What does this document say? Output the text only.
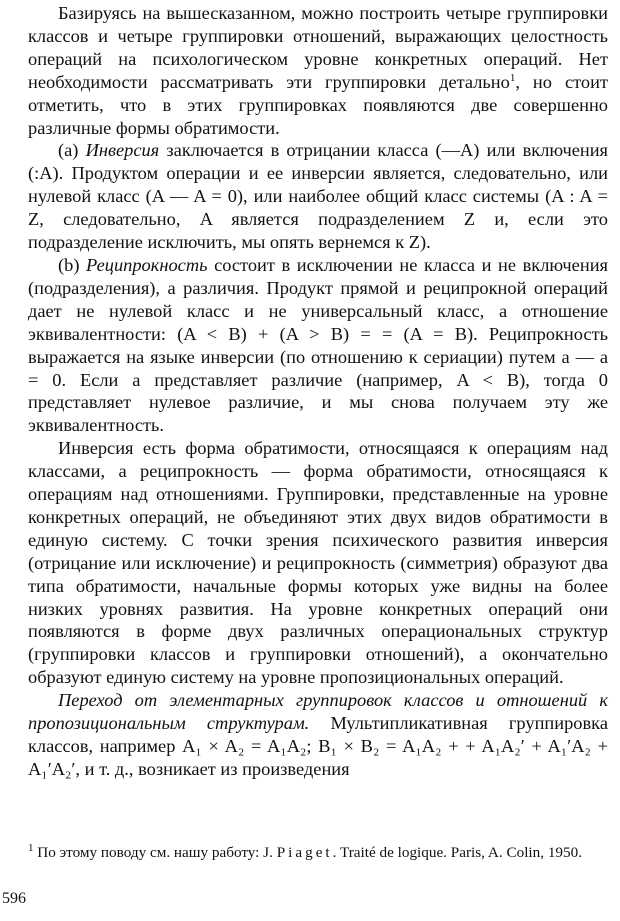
Базируясь на вышесказанном, можно построить четыре группировки классов и четыре группировки отношений, выражающих целостность операций на психологическом уровне конкретных операций. Нет необходимости рассматривать эти группировки детально$^1$, но стоит отметить, что в этих группировках появляются две совершенно различные формы обратимости.

(a) Инверсия заключается в отрицании класса (—A) или включения (:A). Продуктом операции и ее инверсии является, следовательно, или нулевой класс (A — A = 0), или наиболее общий класс системы (A : A = Z, следовательно, A является подразделением Z и, если это подразделение исключить, мы опять вернемся к Z).

(b) Реципрокность состоит в исключении не класса и не включения (подразделения), а различия. Продукт прямой и реципрокной операций дает не нулевой класс и не универсальный класс, а отношение эквивалентности: (A < B) + (A > B) = = (A = B). Реципрокность выражается на языке инверсии (по отношению к сериации) путем a — a = 0. Если a представляет различие (например, A < B), тогда 0 представляет нулевое различие, и мы снова получаем эту же эквивалентность.

Инверсия есть форма обратимости, относящаяся к операциям над классами, а реципрокность — форма обратимости, относящаяся к операциям над отношениями. Группировки, представленные на уровне конкретных операций, не объединяют этих двух видов обратимости в единую систему. С точки зрения психического развития инверсия (отрицание или исключение) и реципрокность (симметрия) образуют два типа обратимости, начальные формы которых уже видны на более низких уровнях развития. На уровне конкретных операций они появляются в форме двух различных операциональных структур (группировки классов и группировки отношений), а окончательно образуют единую систему на уровне пропозициональных операций.

Переход от элементарных группировок классов и отношений к пропозициональным структурам. Мультипликативная группировка классов, например A₁ × A₂ = A₁A₂; B₁ × B₂ = A₁A₂ + + A₁A₂′ + A₁′A₂ + A₁′A₂′, и т. д., возникает из произведения

$^1$ По этому поводу см. нашу работу: J. Piaget. Traité de logique. Paris, A. Colin, 1950.
596
